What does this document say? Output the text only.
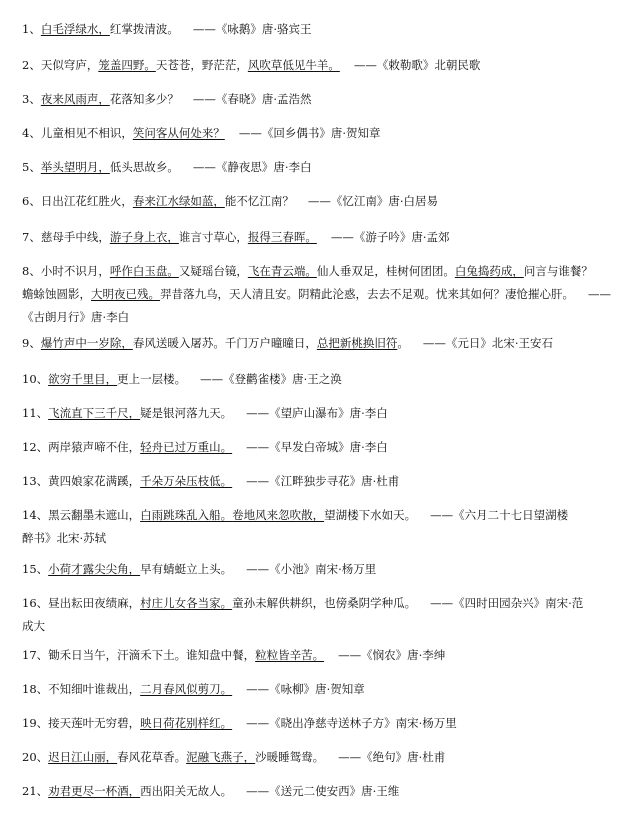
1、白毛浮绿水，红掌拨清波。 ——《咏鹅》唐·骆宾王
2、天似穹庐，笼盖四野。天苍苍，野茫茫，风吹草低见牛羊。 ——《敕勒歌》北朝民歌
3、夜来风雨声，花落知多少？ ——《春晓》唐·孟浩然
4、儿童相见不相识，笑问客从何处来？ ——《回乡偶书》唐·贺知章
5、举头望明月，低头思故乡。 ——《静夜思》唐·李白
6、日出江花红胜火，春来江水绿如蓝，能不忆江南？ ——《忆江南》唐·白居易
7、慈母手中线，游子身上衣，谁言寸草心，报得三春晖。 ——《游子吟》唐·孟郊
8、小时不识月，呼作白玉盘。又疑瑶台镜，飞在青云端。仙人垂双足，桂树何团团。白兔捣药成，问言与谁餐？
蟾蜍蚀圆影，大明夜已残。羿昔落九乌，天人清且安。阴精此沦惑，去去不足观。忧来其如何？凄怆摧心肝。 ——《古朗月行》唐·李白
9、爆竹声中一岁除，春风送暖入屠苏。千门万户曈曈日，总把新桃换旧符。 ——《元日》北宋·王安石
10、欲穷千里目，更上一层楼。 ——《登鹳雀楼》唐·王之涣
11、飞流直下三千尺，疑是银河落九天。 ——《望庐山瀑布》唐·李白
12、两岸猿声啼不住，轻舟已过万重山。 ——《早发白帝城》唐·李白
13、黄四娘家花满蹊，千朵万朵压枝低。 ——《江畔独步寻花》唐·杜甫
14、黑云翻墨未遮山，白雨跳珠乱入船。卷地风来忽吹散，望湖楼下水如天。 ——《六月二十七日望湖楼
醉书》北宋·苏轼
15、小荷才露尖尖角，早有蜻蜓立上头。 ——《小池》南宋·杨万里
16、昼出耘田夜绩麻，村庄儿女各当家。童孙未解供耕织，也傍桑阴学种瓜。 ——《四时田园杂兴》南宋·范
成大
17、锄禾日当午，汗滴禾下土。谁知盘中餐，粒粒皆辛苦。 ——《悯农》唐·李绅
18、不知细叶谁裁出，二月春风似剪刀。 ——《咏柳》唐·贺知章
19、接天莲叶无穷碧，映日荷花别样红。 ——《晓出净慈寺送林子方》南宋·杨万里
20、迟日江山丽，春风花草香。泥融飞燕子，沙暖睡鸳鸯。 ——《绝句》唐·杜甫
21、劝君更尽一杯酒，西出阳关无故人。 ——《送元二使安西》唐·王维
